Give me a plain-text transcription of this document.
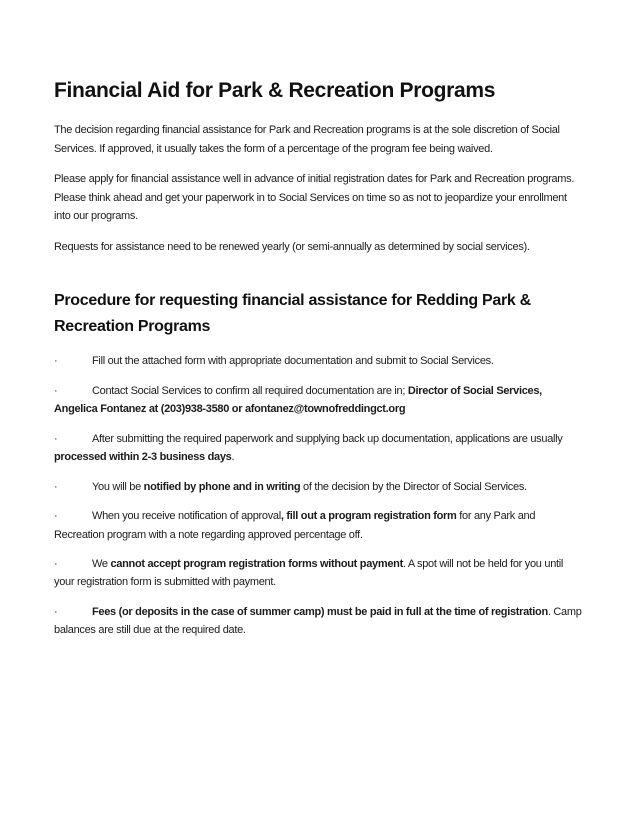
Financial Aid for Park & Recreation Programs

The decision regarding financial assistance for Park and Recreation programs is at the sole discretion of Social Services. If approved, it usually takes the form of a percentage of the program fee being waived.

Please apply for financial assistance well in advance of initial registration dates for Park and Recreation programs. Please think ahead and get your paperwork in to Social Services on time so as not to jeopardize your enrollment into our programs.

Requests for assistance need to be renewed yearly (or semi-annually as determined by social services).

Procedure for requesting financial assistance for Redding Park & Recreation Programs

·	Fill out the attached form with appropriate documentation and submit to Social Services.

·	Contact Social Services to confirm all required documentation are in; Director of Social Services, Angelica Fontanez at (203)938-3580 or afontanez@townofreddingct.org

·	After submitting the required paperwork and supplying back up documentation, applications are usually processed within 2-3 business days.

·	You will be notified by phone and in writing of the decision by the Director of Social Services.

·	When you receive notification of approval, fill out a program registration form for any Park and Recreation program with a note regarding approved percentage off.

·	We cannot accept program registration forms without payment. A spot will not be held for you until your registration form is submitted with payment.

·	Fees (or deposits in the case of summer camp) must be paid in full at the time of registration. Camp balances are still due at the required date.
